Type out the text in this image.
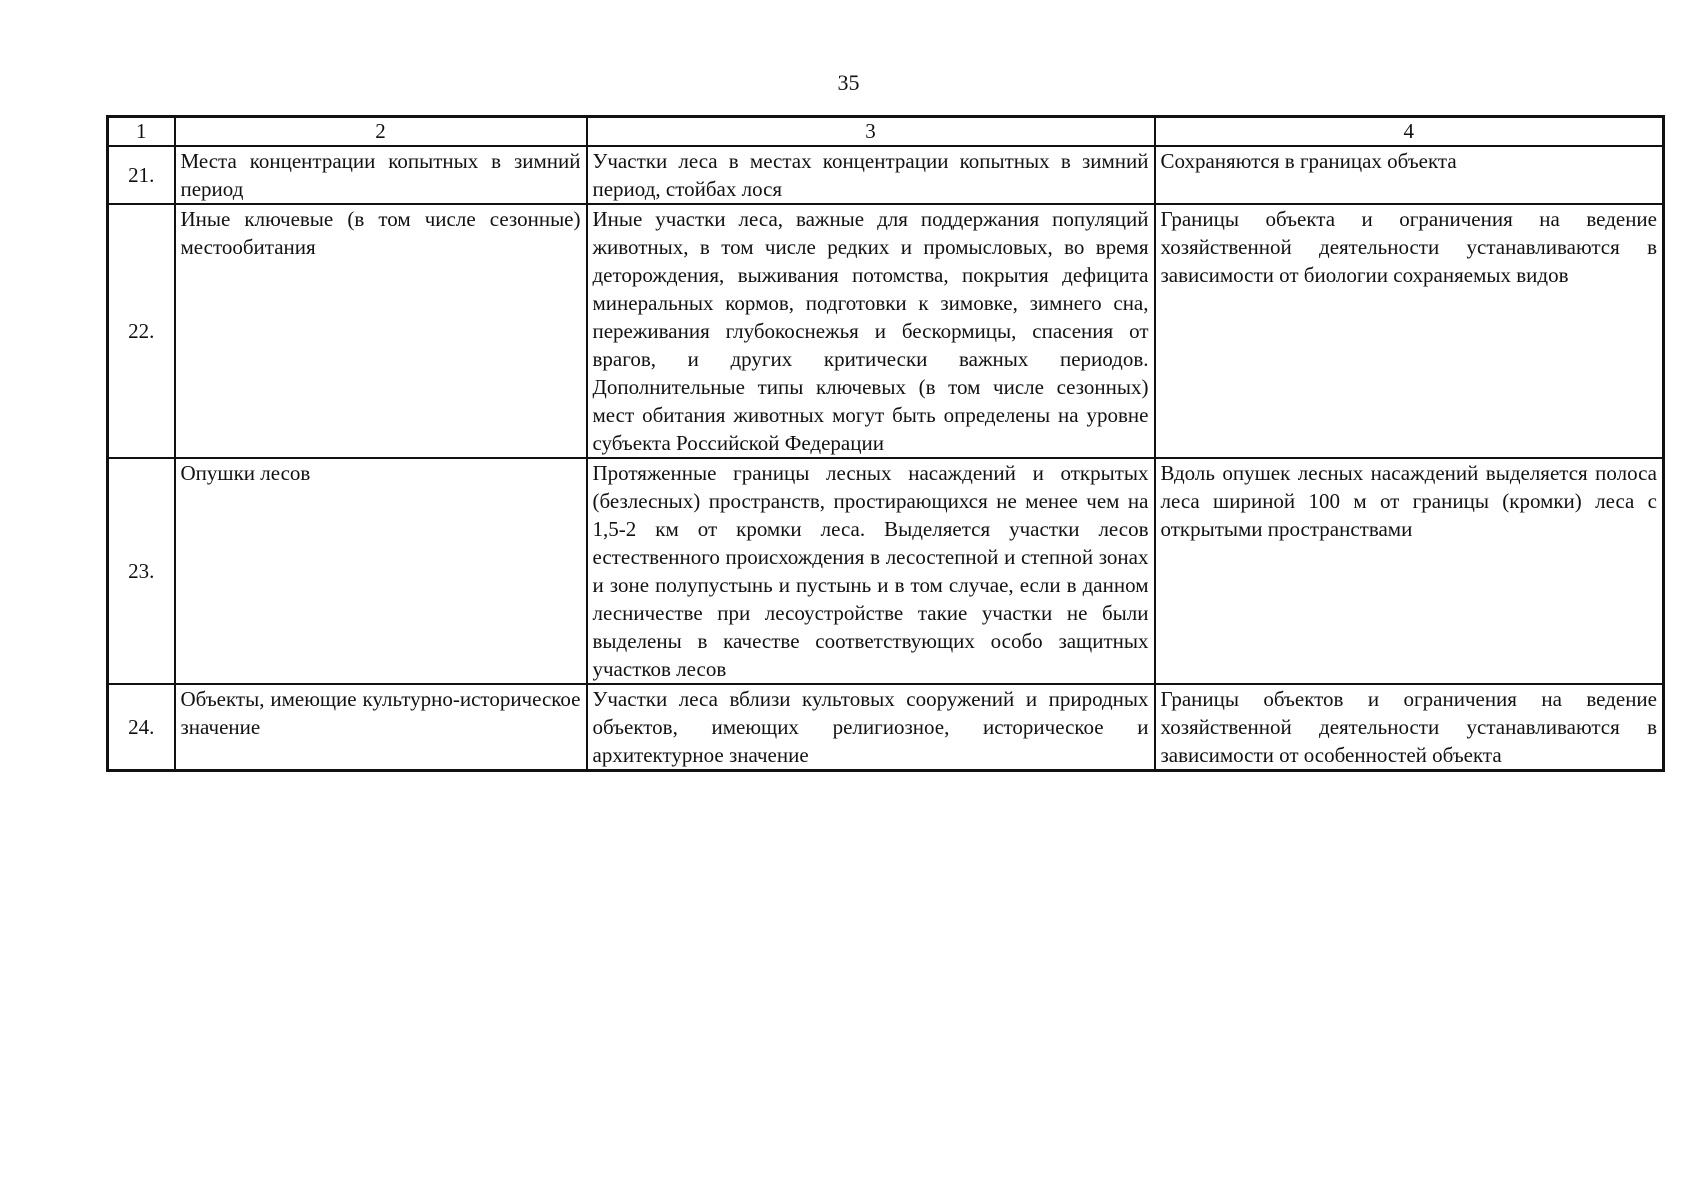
35
1	2	3	4
21.	Места концентрации копытных в зимний период	Участки леса в местах концентрации копытных в зимний период, стойбах лося	Сохраняются в границах объекта
22.	Иные ключевые (в том числе сезонные) местообитания	Иные участки леса, важные для поддержания популяций животных, в том числе редких и промысловых, во время деторождения, выживания потомства, покрытия дефицита минеральных кормов, подготовки к зимовке, зимнего сна, переживания глубокоснежья и бескормицы, спасения от врагов, и других критически важных периодов. Дополнительные типы ключевых (в том числе сезонных) мест обитания животных могут быть определены на уровне субъекта Российской Федерации	Границы объекта и ограничения на ведение хозяйственной деятельности устанавливаются в зависимости от биологии сохраняемых видов
23.	Опушки лесов	Протяженные границы лесных насаждений и открытых (безлесных) пространств, простирающихся не менее чем на 1,5-2 км от кромки леса. Выделяется участки лесов естественного происхождения в лесостепной и степной зонах и зоне полупустынь и пустынь и в том случае, если в данном лесничестве при лесоустройстве такие участки не были выделены в качестве соответствующих особо защитных участков лесов	Вдоль опушек лесных насаждений выделяется полоса леса шириной 100 м от границы (кромки) леса с открытыми пространствами
24.	Объекты, имеющие культурно-историческое значение	Участки леса вблизи культовых сооружений и природных объектов, имеющих религиозное, историческое и архитектурное значение	Границы объектов и ограничения на ведение хозяйственной деятельности устанавливаются в зависимости от особенностей объекта
